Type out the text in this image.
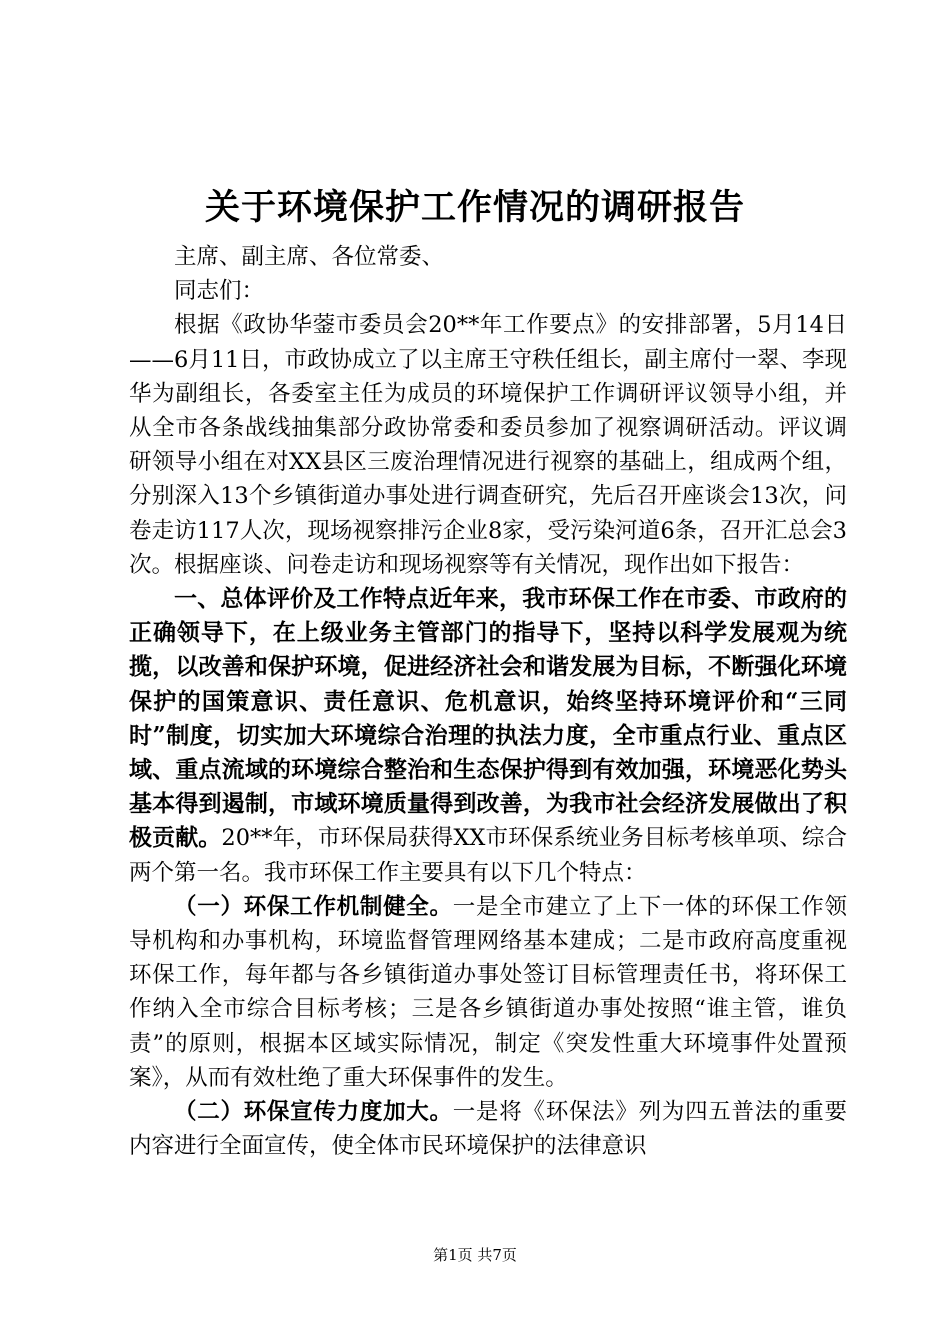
关于环境保护工作情况的调研报告

主席、副主席、各位常委、

同志们：

根据《政协华蓥市委员会20**年工作要点》的安排部署，5月14日——6月11日，市政协成立了以主席王守秩任组长，副主席付一翠、李现华为副组长，各委室主任为成员的环境保护工作调研评议领导小组，并从全市各条战线抽集部分政协常委和委员参加了视察调研活动。评议调研领导小组在对XX县区三废治理情况进行视察的基础上，组成两个组，分别深入13个乡镇街道办事处进行调查研究，先后召开座谈会13次，问卷走访117人次，现场视察排污企业8家，受污染河道6条，召开汇总会3次。根据座谈、问卷走访和现场视察等有关情况，现作出如下报告：

一、总体评价及工作特点近年来，我市环保工作在市委、市政府的正确领导下，在上级业务主管部门的指导下，坚持以科学发展观为统揽，以改善和保护环境，促进经济社会和谐发展为目标，不断强化环境保护的国策意识、责任意识、危机意识，始终坚持环境评价和“三同时”制度，切实加大环境综合治理的执法力度，全市重点行业、重点区域、重点流域的环境综合整治和生态保护得到有效加强，环境恶化势头基本得到遏制，市域环境质量得到改善，为我市社会经济发展做出了积极贡献。20**年，市环保局获得XX市环保系统业务目标考核单项、综合两个第一名。我市环保工作主要具有以下几个特点：

（一）环保工作机制健全。一是全市建立了上下一体的环保工作领导机构和办事机构，环境监督管理网络基本建成；二是市政府高度重视环保工作，每年都与各乡镇街道办事处签订目标管理责任书，将环保工作纳入全市综合目标考核；三是各乡镇街道办事处按照“谁主管，谁负责”的原则，根据本区域实际情况，制定《突发性重大环境事件处置预案》，从而有效杜绝了重大环保事件的发生。

（二）环保宣传力度加大。一是将《环保法》列为四五普法的重要内容进行全面宣传，使全体市民环境保护的法律意识

第1页 共7页
